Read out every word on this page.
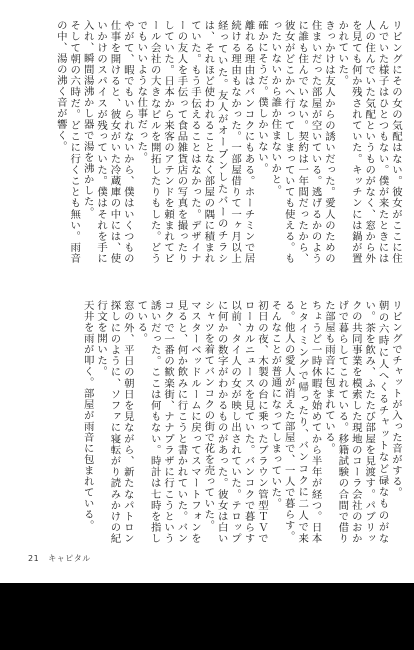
リビングにその女の気配はない。彼女がここに住んでいた様子はひとつもない。僕が来たときには人の住んでいた気配というものがなく、窓から外を見ても何か残されていた。キッチンには鍋が置かれていた。

きっかけは友人からの誘いだった。愛人のための住まいだった部屋が空いている。逃げるかのように誰も住んでいない。契約は一年間だったから、彼女がどこかへ行ってしまっていても使える。もったいないから誰か住まないかと。

確かにそうだ。僕しかいない。

離れる理由はバンコクにもある。ホーチミンで居続ける理由もなかった。一部屋借りて一ヶ月以上経っていた。友人がオープンしたバーのチラシは、それほど使われることなく部屋の隅に積まれていた。もう手伝えることはなかった。デザイナーの友人を手伝って食品雑貨店の写真を撮ったりしていた。日本から来客のアテンドを頼まれてビール会社の大きなビルを開拓したりもした。どうでもいいような仕事だった。

やがて、暇でもいられないから、僕はいくつもの仕事を開けると、彼女がいた冷蔵庫の中には、使いかけのスパイスが残っていた。僕はそれを手に入れ、瞬間湯沸かし器で湯を沸かした。

そして朝の六時だ。どこに行くことも無い。雨音の中、湯の沸く音が響く。

リビングでチャットが入った音がする。

朝の六時に人へくるチャットなど碌なものがない。茶を飲み、ふたたび部屋を見渡す。パブリックの共同事業を模索した現地のコーラ会社のおかげで暮らしてこれている。移籍試験の合間で借りた部屋も雨音に包まれている。

ちょうど一時休暇を始めてから半年が経つ。日本とタイミングで帰ったり、バンコクに二人で来る。他人の愛人が消えた部屋で、一人で暮らす。

そんなことが普通になってしまっていた。

初日の夜、木製の台に乗ったブラウン管型ＴＶでローカルニュースを見ていた。バンコクで暮らす以前、タイ人の女が映し出されていた。テロップに何かの数字がわかるものがあった。彼女は白いシャツを着てバンコクの街で花を売っていた。

マスターベッドルームに戻ってスマートフォンを見ると、何か飲みに行こうと書かれていた。バンコクで一番の歓楽街、ナナプラザに行こうという誘いだった。ここは何もない。時計は七時を指している。

窓の外、平日の朝日を見ながら、新たなパトロン探しにのように、ソファに寝転がり読みかけの紀行文を開いた。

天井を雨が叩く。部屋が雨音に包まれている。

21 キャピタル
